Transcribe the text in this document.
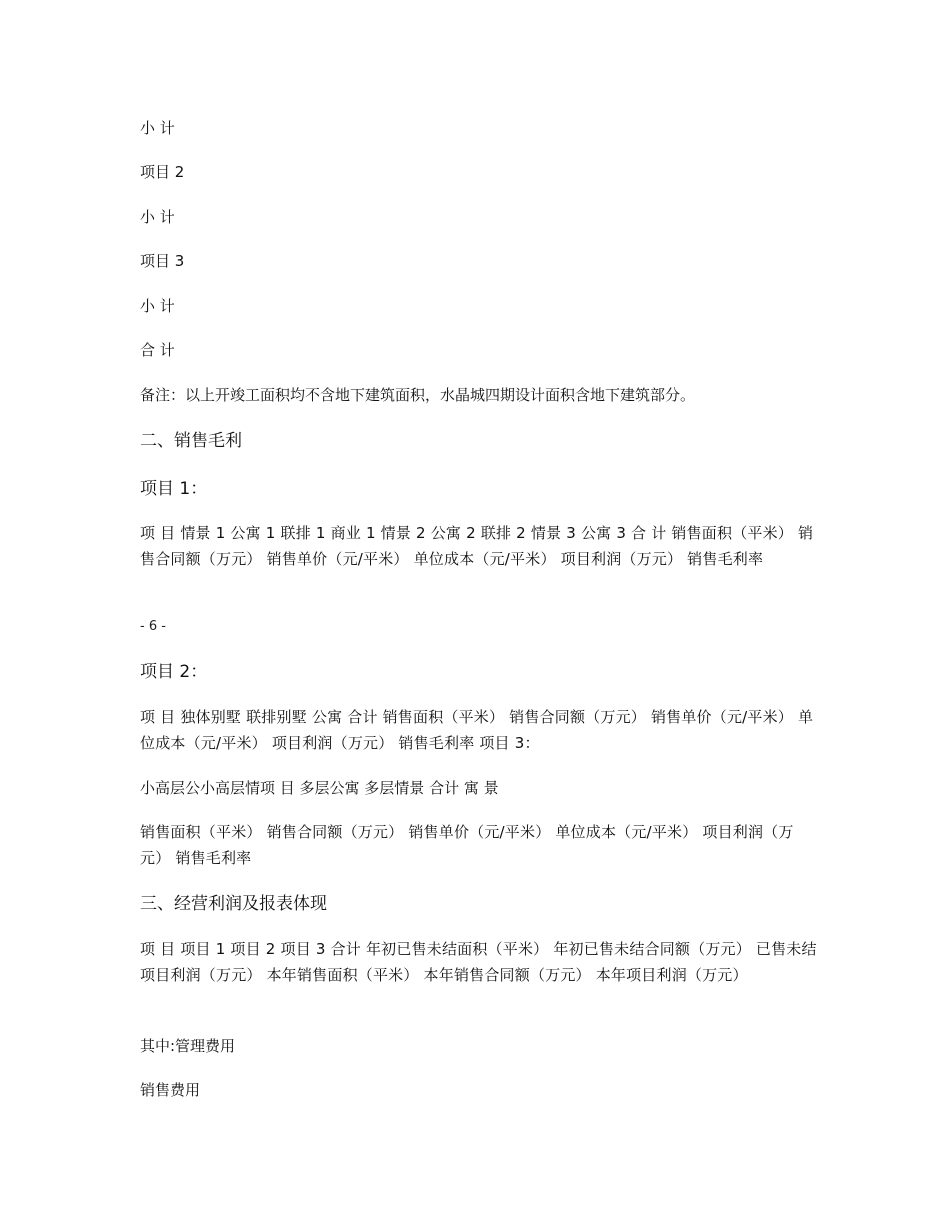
小 计
项目 2
小 计
项目 3
小 计
合 计
备注：以上开竣工面积均不含地下建筑面积，水晶城四期设计面积含地下建筑部分。
二、销售毛利
项目 1：
项 目 情景 1 公寓 1 联排 1 商业 1 情景 2 公寓 2 联排 2 情景 3 公寓 3 合 计 销售面积（平米） 销售合同额（万元） 销售单价（元/平米） 单位成本（元/平米） 项目利润（万元） 销售毛利率
- 6 -
项目 2：
项 目 独体别墅 联排别墅 公寓 合计 销售面积（平米） 销售合同额（万元） 销售单价（元/平米） 单位成本（元/平米） 项目利润（万元） 销售毛利率 项目 3：
小高层公小高层情项 目 多层公寓 多层情景 合计 寓 景
销售面积（平米） 销售合同额（万元） 销售单价（元/平米） 单位成本（元/平米） 项目利润（万元） 销售毛利率
三、经营利润及报表体现
项 目 项目 1 项目 2 项目 3 合计 年初已售未结面积（平米） 年初已售未结合同额（万元） 已售未结项目利润（万元） 本年销售面积（平米） 本年销售合同额（万元） 本年项目利润（万元）
其中:管理费用
销售费用
